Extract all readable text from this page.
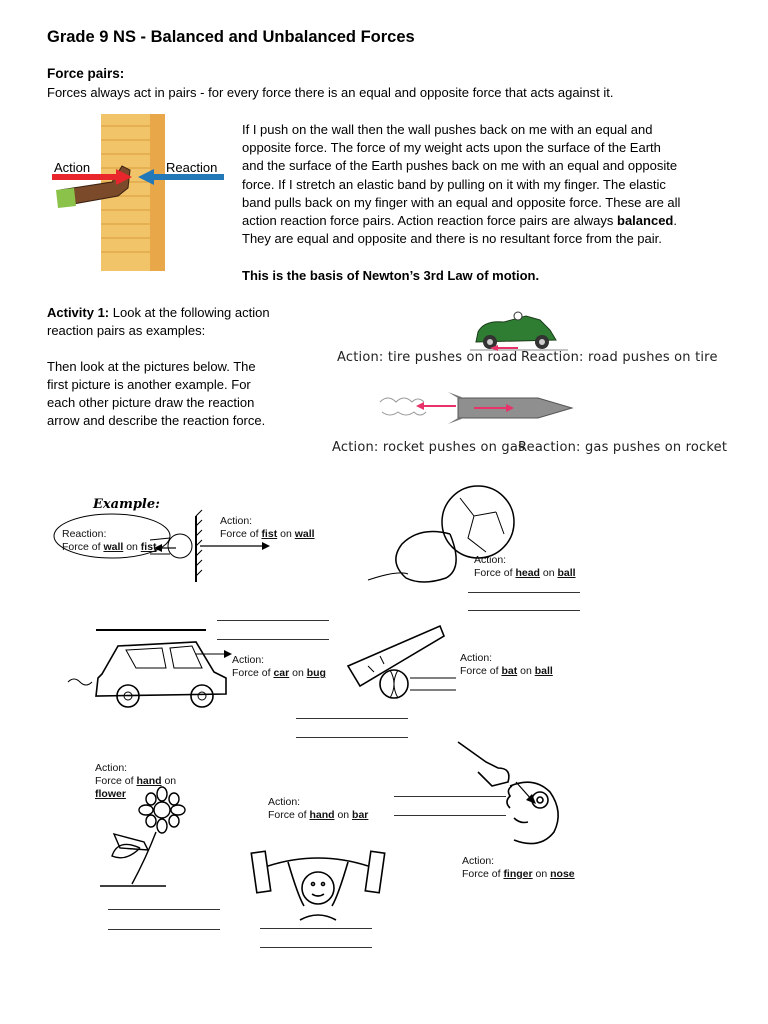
Grade 9 NS - Balanced and Unbalanced Forces
Force pairs:
Forces always act in pairs - for every force there is an equal and opposite force that acts against it.
Action	Reaction
If I push on the wall then the wall pushes back on me with an equal and
opposite force. The force of my weight acts upon the surface of the Earth
and the surface of the Earth pushes back on me with an equal and opposite
force. If I stretch an elastic band by pulling on it with my finger. The elastic
band pulls back on my finger with an equal and opposite force. These are all
action reaction force pairs. Action reaction force pairs are always balanced.
They are equal and opposite and there is no resultant force from the pair.
This is the basis of Newton’s 3rd Law of motion.
Activity 1: Look at the following action
reaction pairs as examples:
Then look at the pictures below. The
first picture is another example. For
each other picture draw the reaction
arrow and describe the reaction force.
Action: tire pushes on road Reaction: road pushes on tire
Action: rocket pushes on gas
Reaction: gas pushes on rocket
Example:
Reaction:
Force of wall on fist
Action:
Force of fist on wall
Action:
Force of head on ball
Action:
Force of car on bug
Action:
Force of bat on ball
Action:
Force of hand on
flower
Action:
Force of hand on bar
Action:
Force of finger on nose
